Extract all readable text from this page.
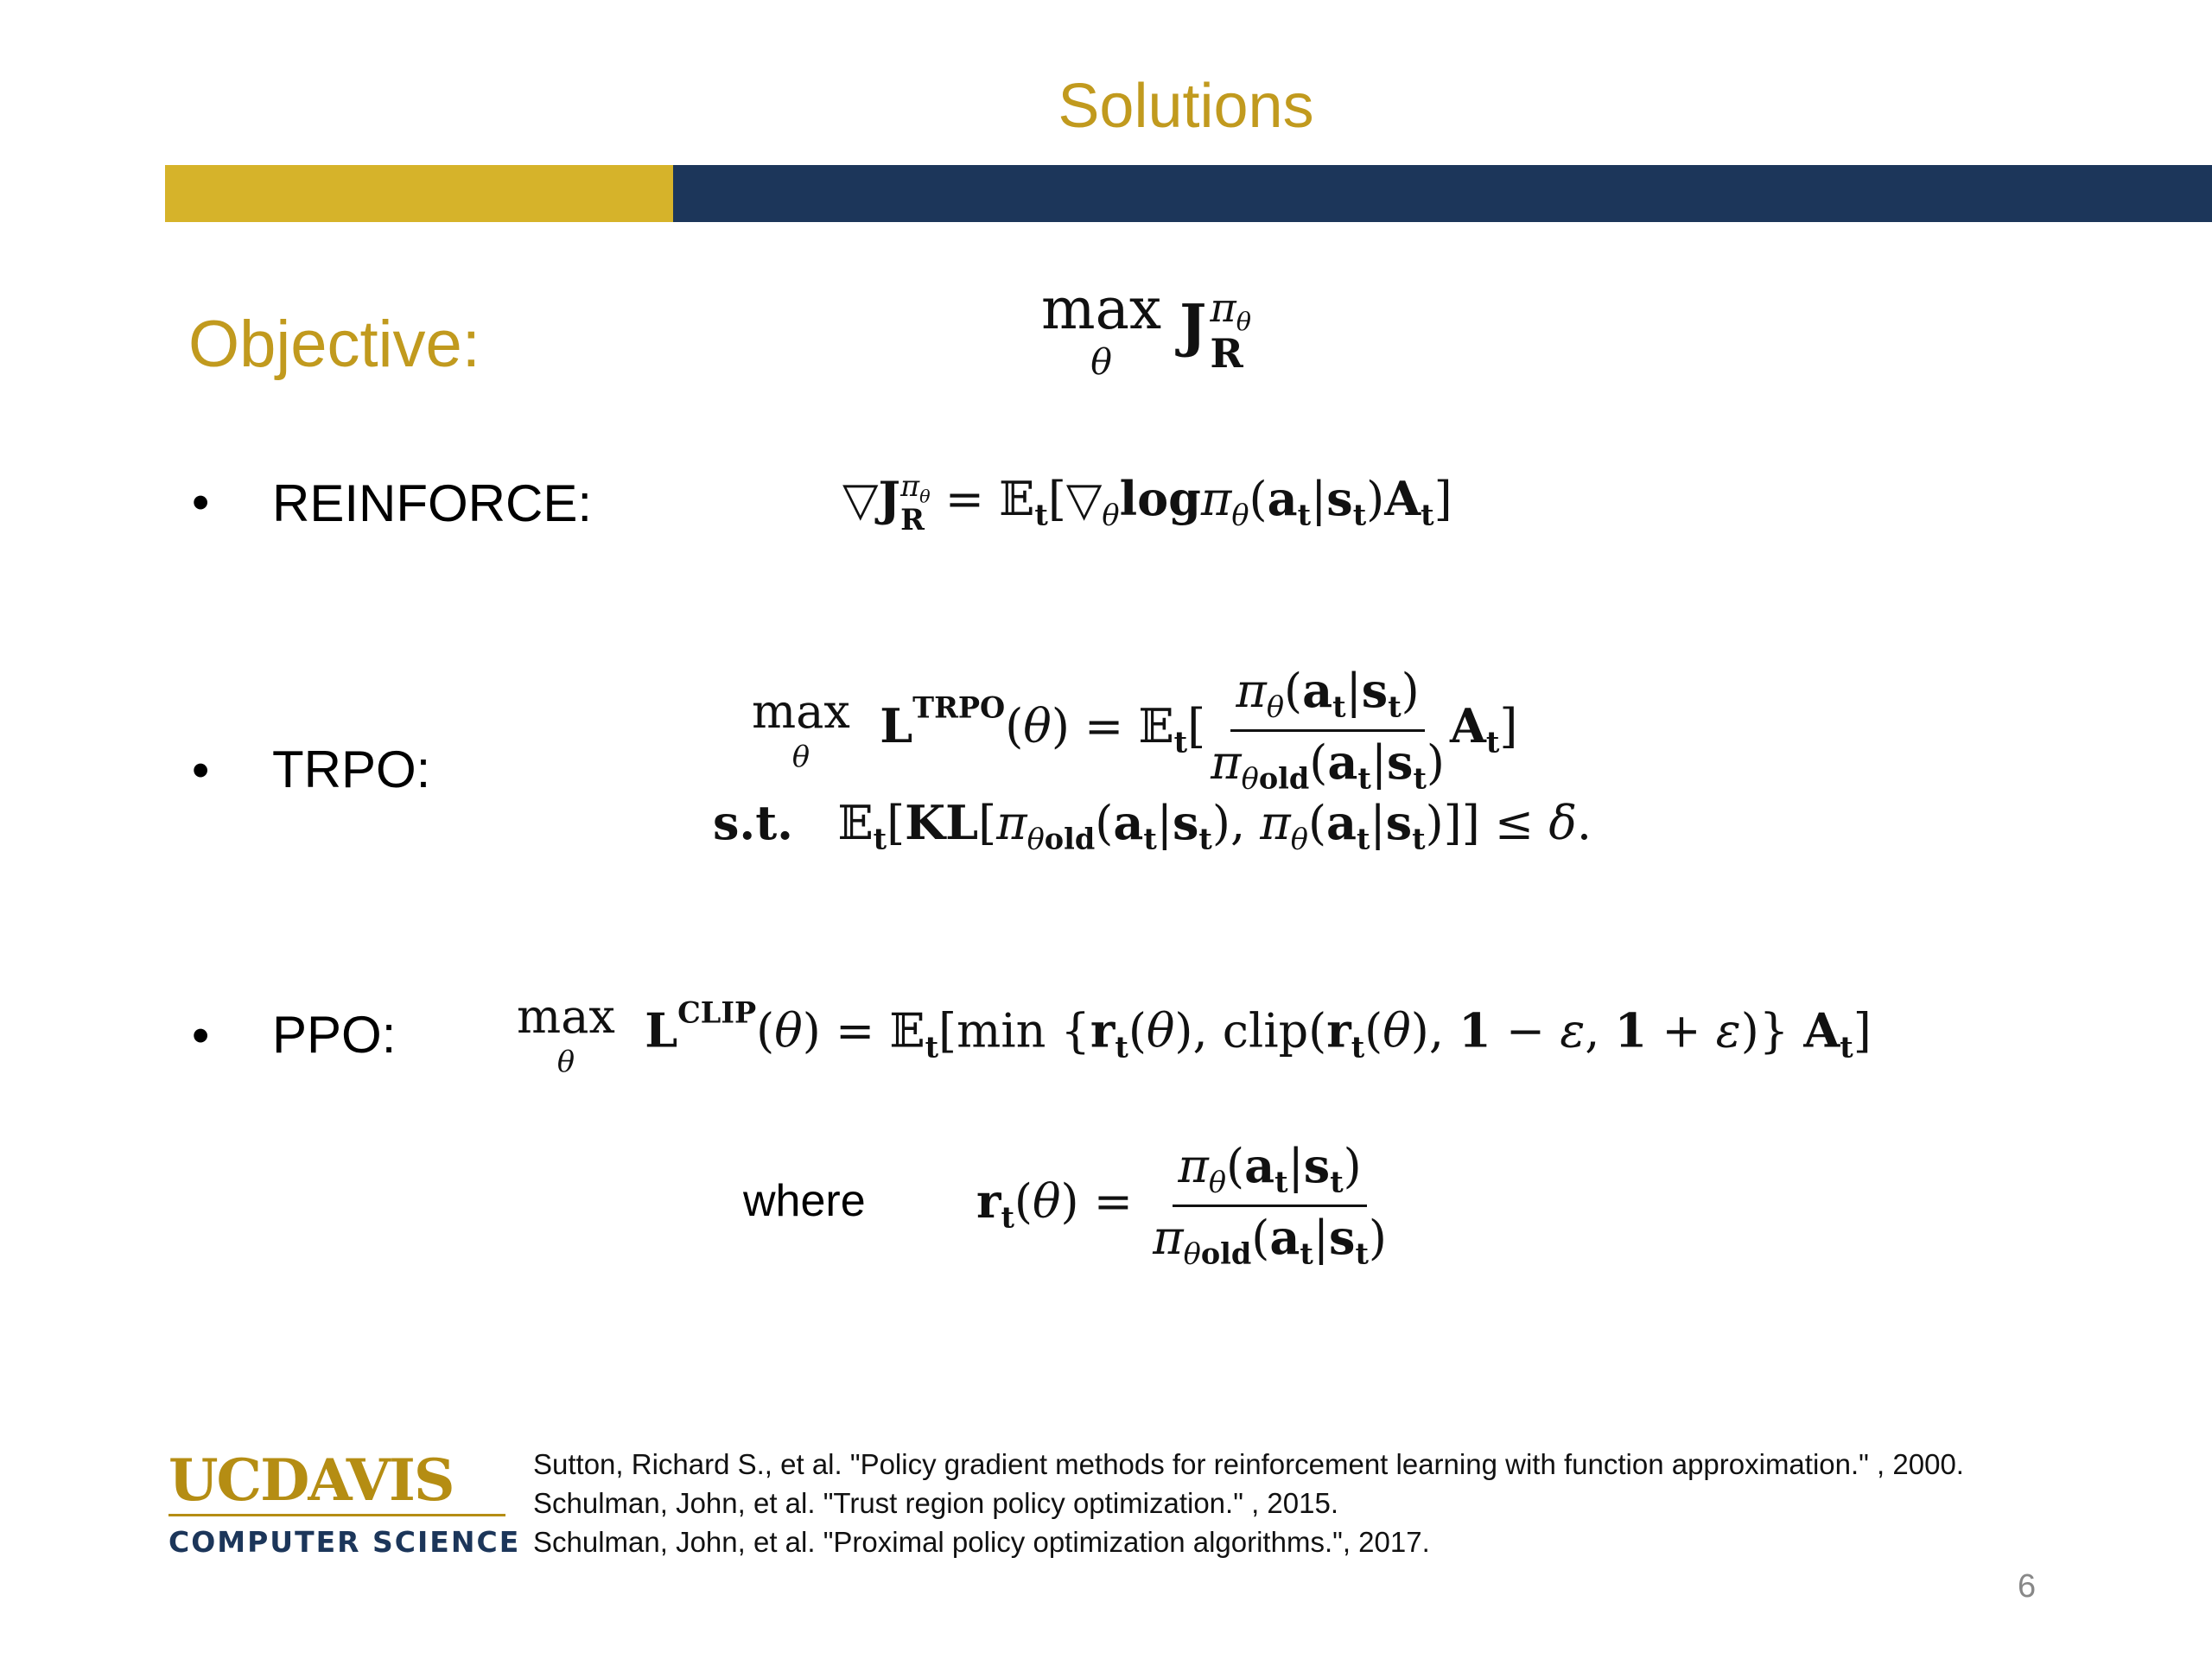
Solutions
Objective:	max
θ
J $\pi_\theta$
R
• REINFORCE:	▽J $\pi_\theta$
$R = 𝔼_t[▽_\theta\log\pi_\theta(a_t|s_t)A_t]$
• TRPO:
max
θ
$L^{TRPO}(\theta)$ = 𝔼$_t$[ $\frac{\pi_\theta(a_t|s_t)}{\pi_{\theta old}(a_t|s_t)} A_t$]
s.t.   $𝔼_t[KL[\pi_{\theta old}(a_t|s_t)$, $\pi_\theta(a_t|s_t)]] \le \delta$.
• PPO:	max
θ
$L^{CLIP}(\theta)$ = 𝔼$_t$[min {$r_t(\theta)$, $clip(r_t(\theta)$, 1 − ε, 1 + ε)} $A_t$]
where $r_t(\theta) = \frac{\pi_\theta(a_t|s_t)}{\pi_{\theta old}(a_t|s_t)}$
UCDAVIS
COMPUTER SCIENCE
Sutton, Richard S., et al. "Policy gradient methods for reinforcement learning with function approximation." , 2000.
Schulman, John, et al. "Trust region policy optimization." , 2015.
Schulman, John, et al. "Proximal policy optimization algorithms.", 2017.
6
